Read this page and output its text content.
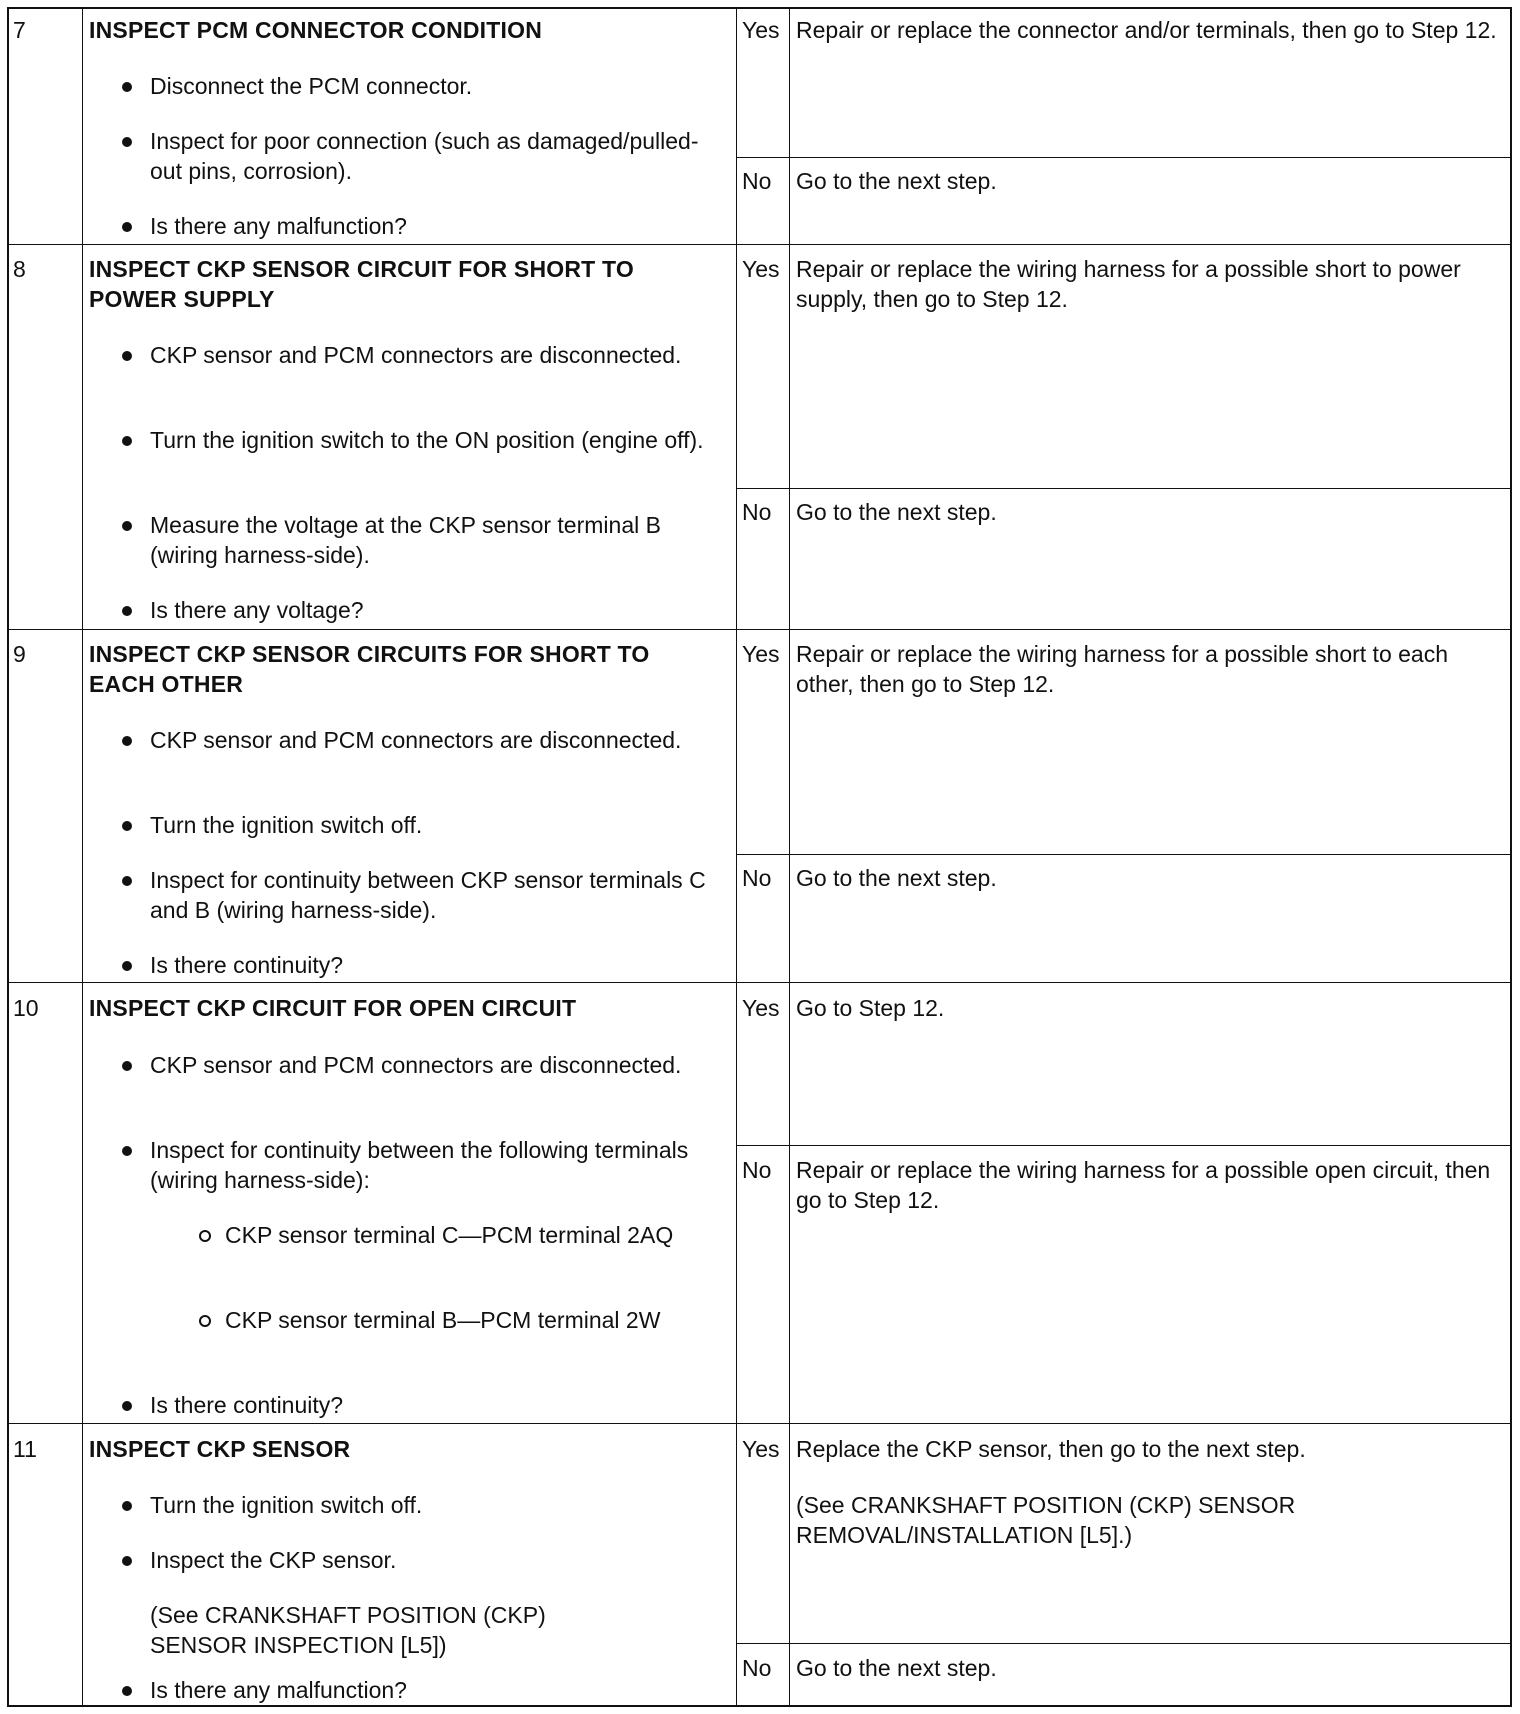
7	INSPECT PCM CONNECTOR CONDITION
Disconnect the PCM connector.
Inspect for poor connection (such as damaged/pulled-out pins, corrosion).
Is there any malfunction?
Yes Repair or replace the connector and/or terminals, then go to Step 12.
No Go to the next step.
8	INSPECT CKP SENSOR CIRCUIT FOR SHORT TO POWER SUPPLY
CKP sensor and PCM connectors are disconnected.
Turn the ignition switch to the ON position (engine off).
Measure the voltage at the CKP sensor terminal B (wiring harness-side).
Is there any voltage?
Yes Repair or replace the wiring harness for a possible short to power supply, then go to Step 12.
No Go to the next step.
9	INSPECT CKP SENSOR CIRCUITS FOR SHORT TO EACH OTHER
CKP sensor and PCM connectors are disconnected.
Turn the ignition switch off.
Inspect for continuity between CKP sensor terminals C and B (wiring harness-side).
Is there continuity?
Yes Repair or replace the wiring harness for a possible short to each other, then go to Step 12.
No Go to the next step.
10 INSPECT CKP CIRCUIT FOR OPEN CIRCUIT
CKP sensor and PCM connectors are disconnected.
Inspect for continuity between the following terminals (wiring harness-side):
CKP sensor terminal C—PCM terminal 2AQ
CKP sensor terminal B—PCM terminal 2W
Is there continuity?
Yes Go to Step 12.
No Repair or replace the wiring harness for a possible open circuit, then go to Step 12.
11 INSPECT CKP SENSOR
Turn the ignition switch off.
Inspect the CKP sensor.
(See CRANKSHAFT POSITION (CKP) SENSOR INSPECTION [L5])
Is there any malfunction?
Yes Replace the CKP sensor, then go to the next step.
(See CRANKSHAFT POSITION (CKP) SENSOR REMOVAL/INSTALLATION [L5].)
No Go to the next step.
